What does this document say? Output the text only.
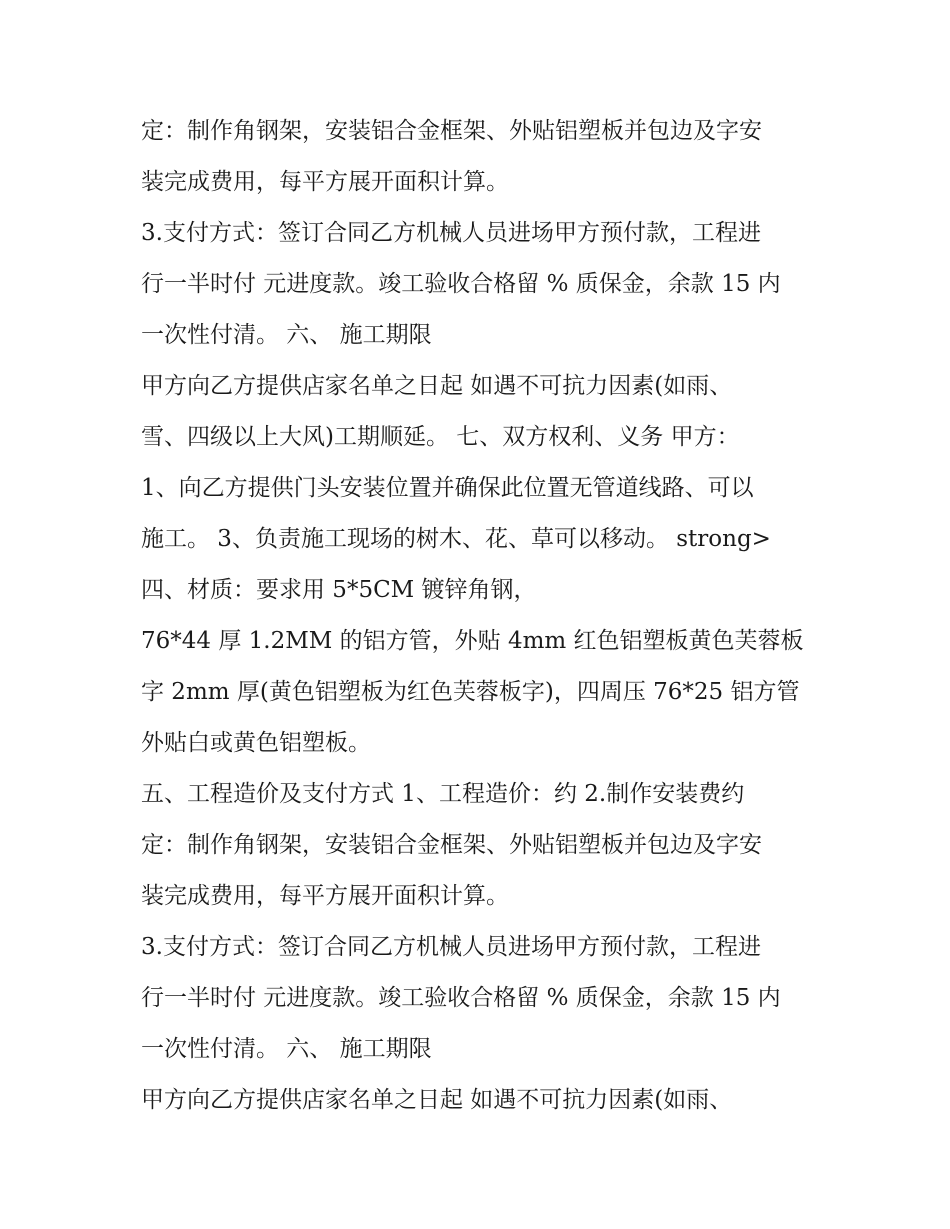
定：制作角钢架，安装铝合金框架、外贴铝塑板并包边及字安
装完成费用，每平方展开面积计算。
3.支付方式：签订合同乙方机械人员进场甲方预付款，工程进
行一半时付 元进度款。竣工验收合格留 % 质保金，余款 15 内
一次性付清。 六、 施工期限
甲方向乙方提供店家名单之日起 如遇不可抗力因素(如雨、
雪、四级以上大风)工期顺延。 七、双方权利、义务 甲方：
1、向乙方提供门头安装位置并确保此位置无管道线路、可以
施工。 3、负责施工现场的树木、花、草可以移动。 strong>
四、材质：要求用 5*5CM 镀锌角钢，
76*44 厚 1.2MM 的铝方管，外贴 4mm 红色铝塑板黄色芙蓉板
字 2mm 厚(黄色铝塑板为红色芙蓉板字)，四周压 76*25 铝方管
外贴白或黄色铝塑板。
五、工程造价及支付方式 1、工程造价：约 2.制作安装费约
定：制作角钢架，安装铝合金框架、外贴铝塑板并包边及字安
装完成费用，每平方展开面积计算。
3.支付方式：签订合同乙方机械人员进场甲方预付款，工程进
行一半时付 元进度款。竣工验收合格留 % 质保金，余款 15 内
一次性付清。 六、 施工期限
甲方向乙方提供店家名单之日起 如遇不可抗力因素(如雨、
